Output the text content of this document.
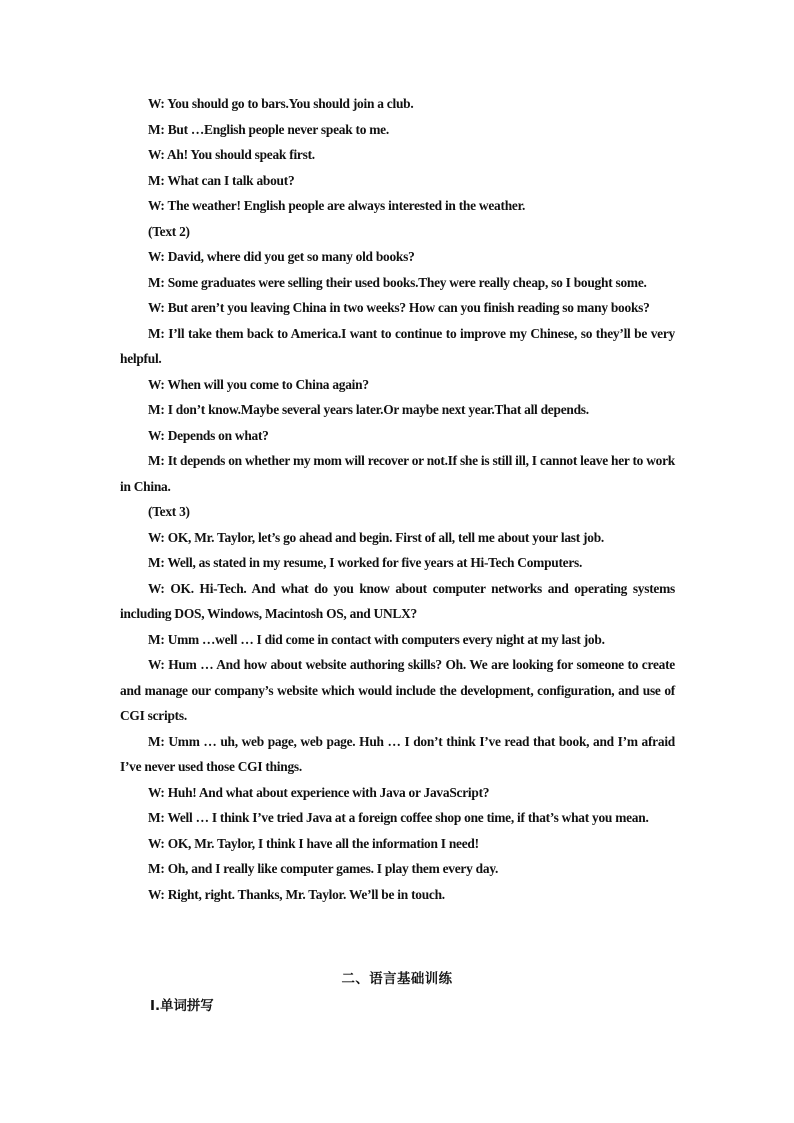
W: You should go to bars.You should join a club.

M: But …English people never speak to me.

W: Ah! You should speak first.

M: What can I talk about?

W: The weather! English people are always interested in the weather.

(Text 2)

W: David, where did you get so many old books?

M: Some graduates were selling their used books.They were really cheap, so I bought some.

W: But aren’t you leaving China in two weeks? How can you finish reading so many books?

M: I’ll take them back to America.I want to continue to improve my Chinese, so they’ll be very helpful.

W: When will you come to China again?

M: I don’t know.Maybe several years later.Or maybe next year.That all depends.

W: Depends on what?

M: It depends on whether my mom will recover or not.If she is still ill, I cannot leave her to work in China.

(Text 3)

W: OK, Mr. Taylor, let’s go ahead and begin. First of all, tell me about your last job.

M: Well, as stated in my resume, I worked for five years at Hi-Tech Computers.

W: OK. Hi-Tech. And what do you know about computer networks and operating systems including DOS, Windows, Macintosh OS, and UNLX?

M: Umm …well … I did come in contact with computers every night at my last job.

W: Hum … And how about website authoring skills? Oh. We are looking for someone to create and manage our company’s website which would include the development, configuration, and use of CGI scripts.

M: Umm … uh, web page, web page. Huh … I don’t think I’ve read that book, and I’m afraid I’ve never used those CGI things.

W: Huh! And what about experience with Java or JavaScript?

M: Well … I think I’ve tried Java at a foreign coffee shop one time, if that’s what you mean.

W: OK, Mr. Taylor, I think I have all the information I need!

M: Oh, and I really like computer games. I play them every day.

W: Right, right. Thanks, Mr. Taylor. We’ll be in touch.

二、语言基础训练
Ⅰ.单词拼写
